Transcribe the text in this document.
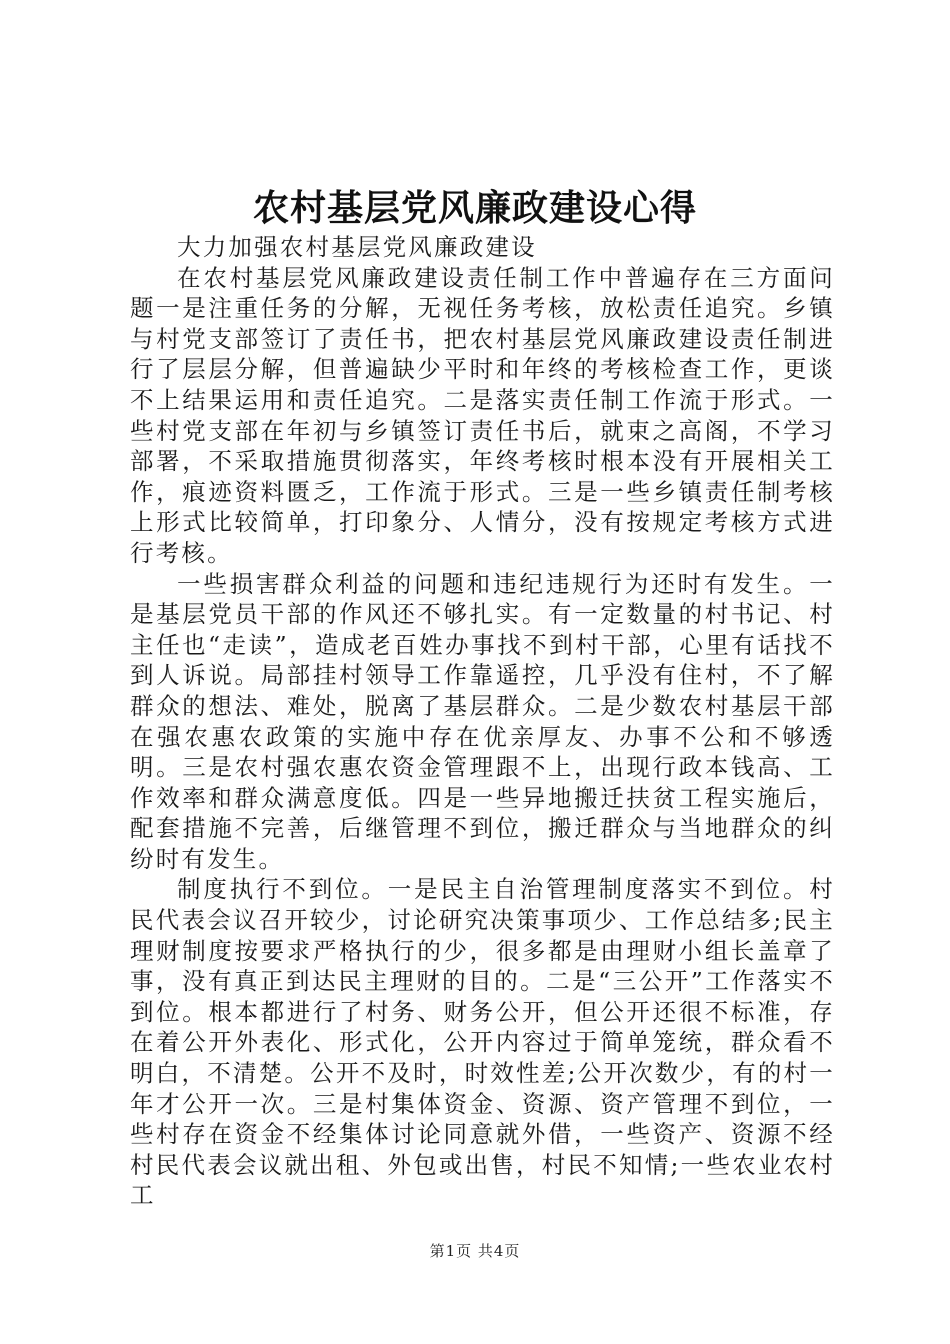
农村基层党风廉政建设心得

大力加强农村基层党风廉政建设

在农村基层党风廉政建设责任制工作中普遍存在三方面问题一是注重任务的分解，无视任务考核，放松责任追究。乡镇与村党支部签订了责任书，把农村基层党风廉政建设责任制进行了层层分解，但普遍缺少平时和年终的考核检查工作，更谈不上结果运用和责任追究。二是落实责任制工作流于形式。一些村党支部在年初与乡镇签订责任书后，就束之高阁，不学习部署，不采取措施贯彻落实，年终考核时根本没有开展相关工作，痕迹资料匮乏，工作流于形式。三是一些乡镇责任制考核上形式比较简单，打印象分、人情分，没有按规定考核方式进行考核。

一些损害群众利益的问题和违纪违规行为还时有发生。一是基层党员干部的作风还不够扎实。有一定数量的村书记、村主任也“走读”，造成老百姓办事找不到村干部，心里有话找不到人诉说。局部挂村领导工作靠遥控，几乎没有住村，不了解群众的想法、难处，脱离了基层群众。二是少数农村基层干部在强农惠农政策的实施中存在优亲厚友、办事不公和不够透明。三是农村强农惠农资金管理跟不上，出现行政本钱高、工作效率和群众满意度低。四是一些异地搬迁扶贫工程实施后，配套措施不完善，后继管理不到位，搬迁群众与当地群众的纠纷时有发生。

制度执行不到位。一是民主自治管理制度落实不到位。村民代表会议召开较少，讨论研究决策事项少、工作总结多;民主理财制度按要求严格执行的少，很多都是由理财小组长盖章了事，没有真正到达民主理财的目的。二是“三公开”工作落实不到位。根本都进行了村务、财务公开，但公开还很不标准，存在着公开外表化、形式化，公开内容过于简单笼统，群众看不明白，不清楚。公开不及时，时效性差;公开次数少，有的村一年才公开一次。三是村集体资金、资源、资产管理不到位，一些村存在资金不经集体讨论同意就外借，一些资产、资源不经村民代表会议就出租、外包或出售，村民不知情;一些农业农村工

第1页 共4页
